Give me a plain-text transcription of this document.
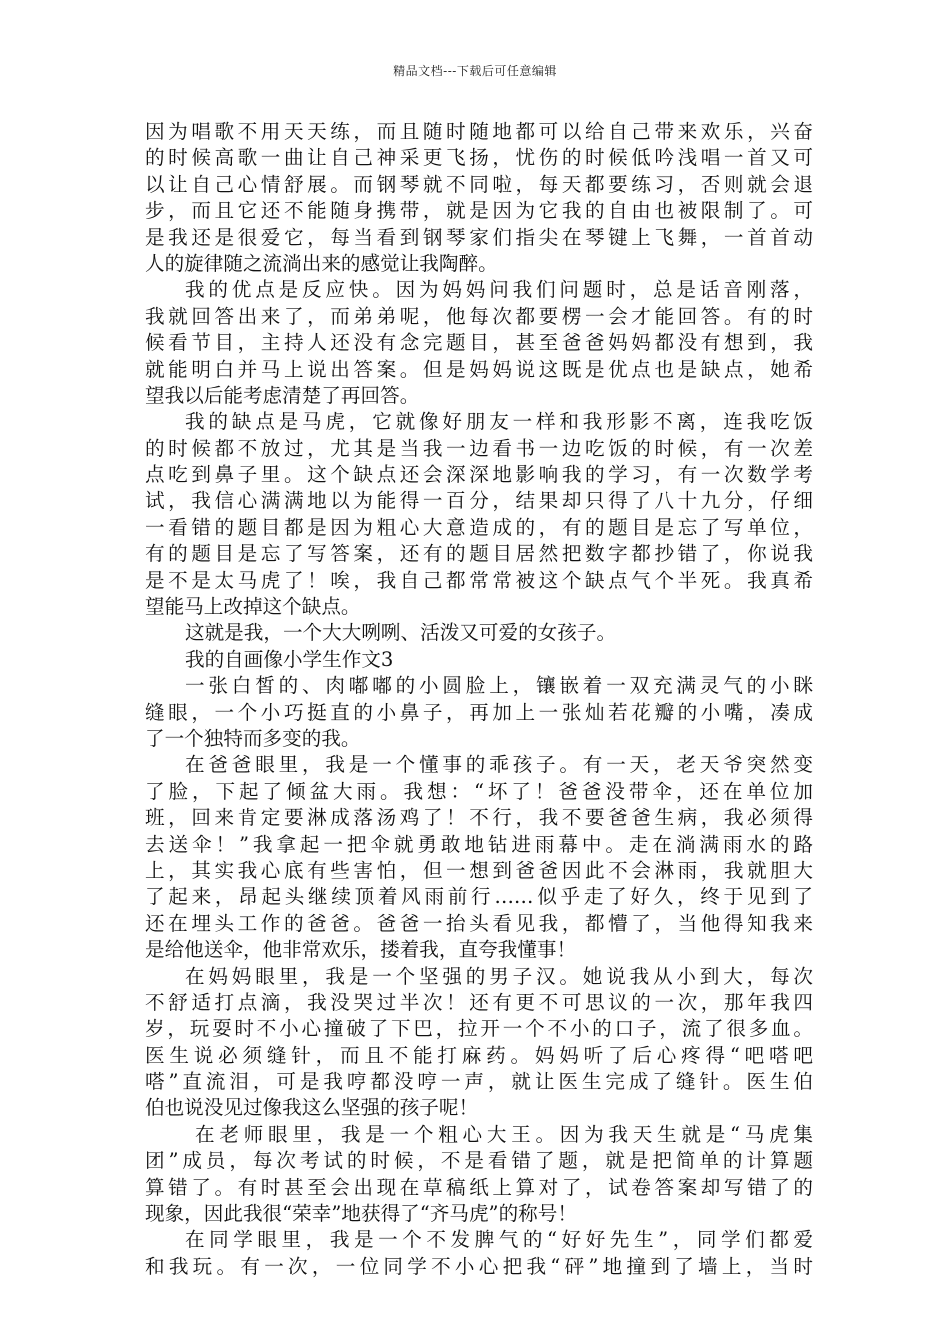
精品文档---下载后可任意编辑
因为唱歌不用天天练，而且随时随地都可以给自己带来欢乐，兴奋
的时候高歌一曲让自己神采更飞扬，忧伤的时候低吟浅唱一首又可
以让自己心情舒展。而钢琴就不同啦，每天都要练习，否则就会退
步，而且它还不能随身携带，就是因为它我的自由也被限制了。可
是我还是很爱它，每当看到钢琴家们指尖在琴键上飞舞，一首首动
人的旋律随之流淌出来的感觉让我陶醉。
我的优点是反应快。因为妈妈问我们问题时，总是话音刚落，
我就回答出来了，而弟弟呢，他每次都要楞一会才能回答。有的时
候看节目，主持人还没有念完题目，甚至爸爸妈妈都没有想到，我
就能明白并马上说出答案。但是妈妈说这既是优点也是缺点，她希
望我以后能考虑清楚了再回答。
我的缺点是马虎，它就像好朋友一样和我形影不离，连我吃饭
的时候都不放过，尤其是当我一边看书一边吃饭的时候，有一次差
点吃到鼻子里。这个缺点还会深深地影响我的学习，有一次数学考
试，我信心满满地以为能得一百分，结果却只得了八十九分，仔细
一看错的题目都是因为粗心大意造成的，有的题目是忘了写单位，
有的题目是忘了写答案，还有的题目居然把数字都抄错了，你说我
是不是太马虎了！唉，我自己都常常被这个缺点气个半死。我真希
望能马上改掉这个缺点。
这就是我，一个大大咧咧、活泼又可爱的女孩子。
我的自画像小学生作文3
一张白皙的、肉嘟嘟的小圆脸上，镶嵌着一双充满灵气的小眯
缝眼，一个小巧挺直的小鼻子，再加上一张灿若花瓣的小嘴，凑成
了一个独特而多变的我。
在爸爸眼里，我是一个懂事的乖孩子。有一天，老天爷突然变
了脸，下起了倾盆大雨。我想：“坏了！爸爸没带伞，还在单位加
班，回来肯定要淋成落汤鸡了！不行，我不要爸爸生病，我必须得
去送伞！”我拿起一把伞就勇敢地钻进雨幕中。走在淌满雨水的路
上，其实我心底有些害怕，但一想到爸爸因此不会淋雨，我就胆大
了起来，昂起头继续顶着风雨前行……似乎走了好久，终于见到了
还在埋头工作的爸爸。爸爸一抬头看见我，都懵了，当他得知我来
是给他送伞，他非常欢乐，搂着我，直夸我懂事！
在妈妈眼里，我是一个坚强的男子汉。她说我从小到大，每次
不舒适打点滴，我没哭过半次！还有更不可思议的一次，那年我四
岁，玩耍时不小心撞破了下巴，拉开一个不小的口子，流了很多血。
医生说必须缝针，而且不能打麻药。妈妈听了后心疼得“吧嗒吧
嗒”直流泪，可是我哼都没哼一声，就让医生完成了缝针。医生伯
伯也说没见过像我这么坚强的孩子呢！
在老师眼里，我是一个粗心大王。因为我天生就是“马虎集
团”成员，每次考试的时候，不是看错了题，就是把简单的计算题
算错了。有时甚至会出现在草稿纸上算对了，试卷答案却写错了的
现象，因此我很“荣幸”地获得了“齐马虎”的称号！
在同学眼里，我是一个不发脾气的“好好先生”，同学们都爱
和我玩。有一次，一位同学不小心把我“砰”地撞到了墙上，当时
